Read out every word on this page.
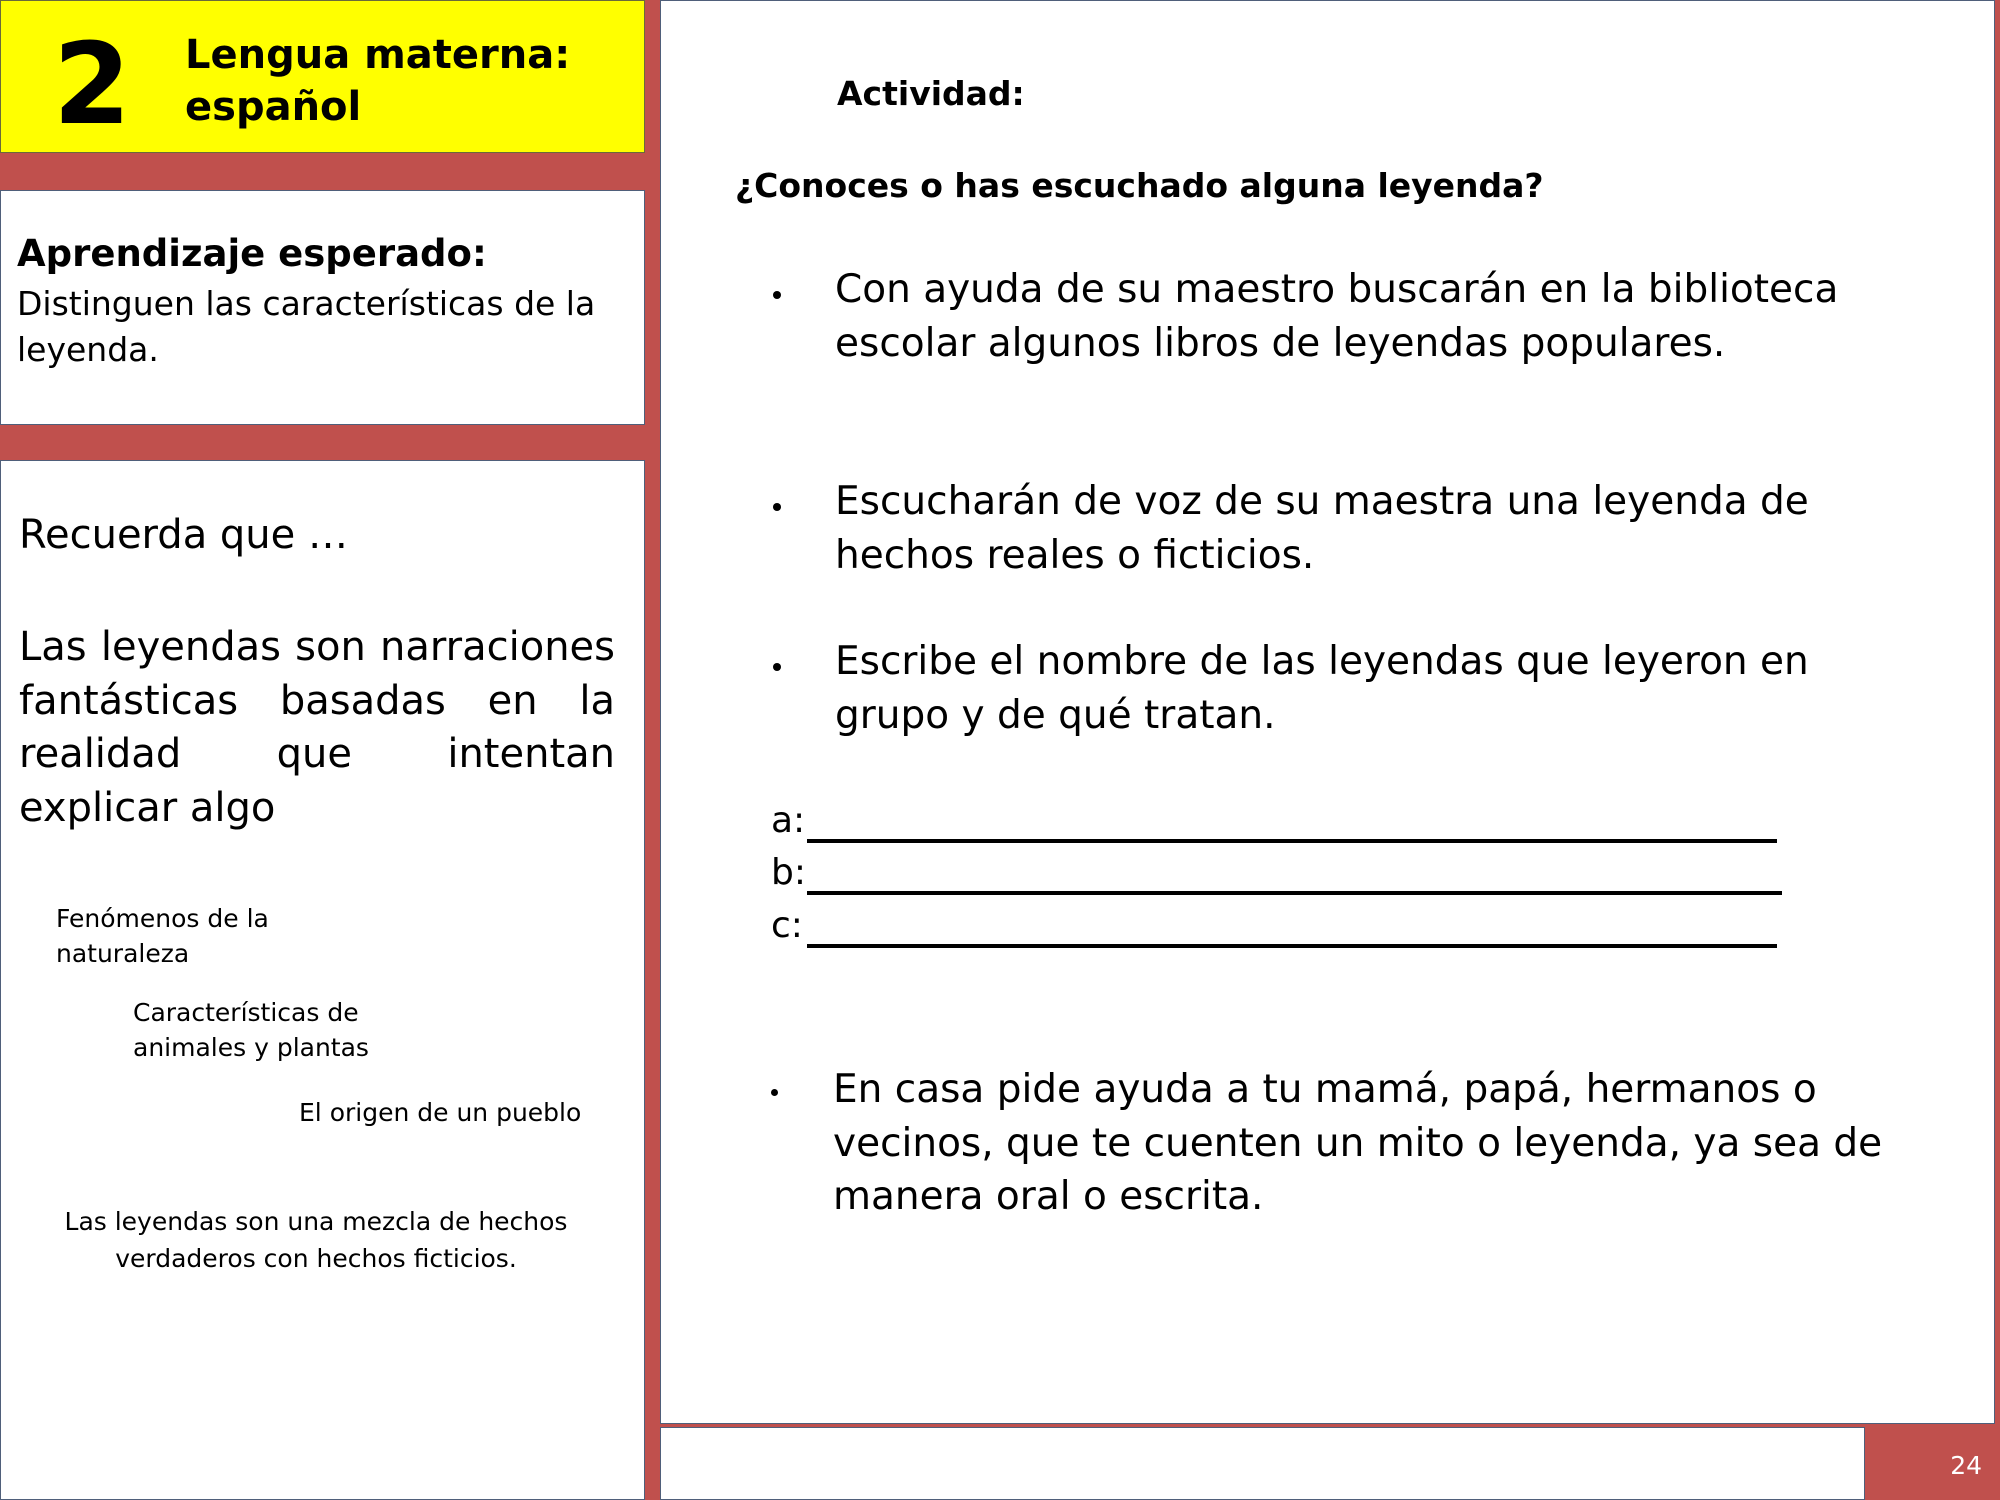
2 Lengua materna: español
Aprendizaje esperado:
Distinguen las características de la leyenda.
Recuerda que …
Las leyendas son narraciones fantásticas basadas en la realidad que intentan explicar algo
Fenómenos de la naturaleza
Características de animales y plantas
El origen de un pueblo
Las leyendas son una mezcla de hechos verdaderos con hechos ficticios.
Actividad:
¿Conoces o has escuchado alguna leyenda?
Con ayuda de su maestro buscarán en la biblioteca escolar algunos libros de leyendas populares.
Escucharán de voz de su maestra una leyenda de hechos reales o ficticios.
Escribe el nombre de las leyendas que leyeron en grupo y de qué tratan.
a:
b:
c:
En casa pide ayuda a tu mamá, papá, hermanos o vecinos, que te cuenten un mito o leyenda, ya sea de manera oral o escrita.
24
